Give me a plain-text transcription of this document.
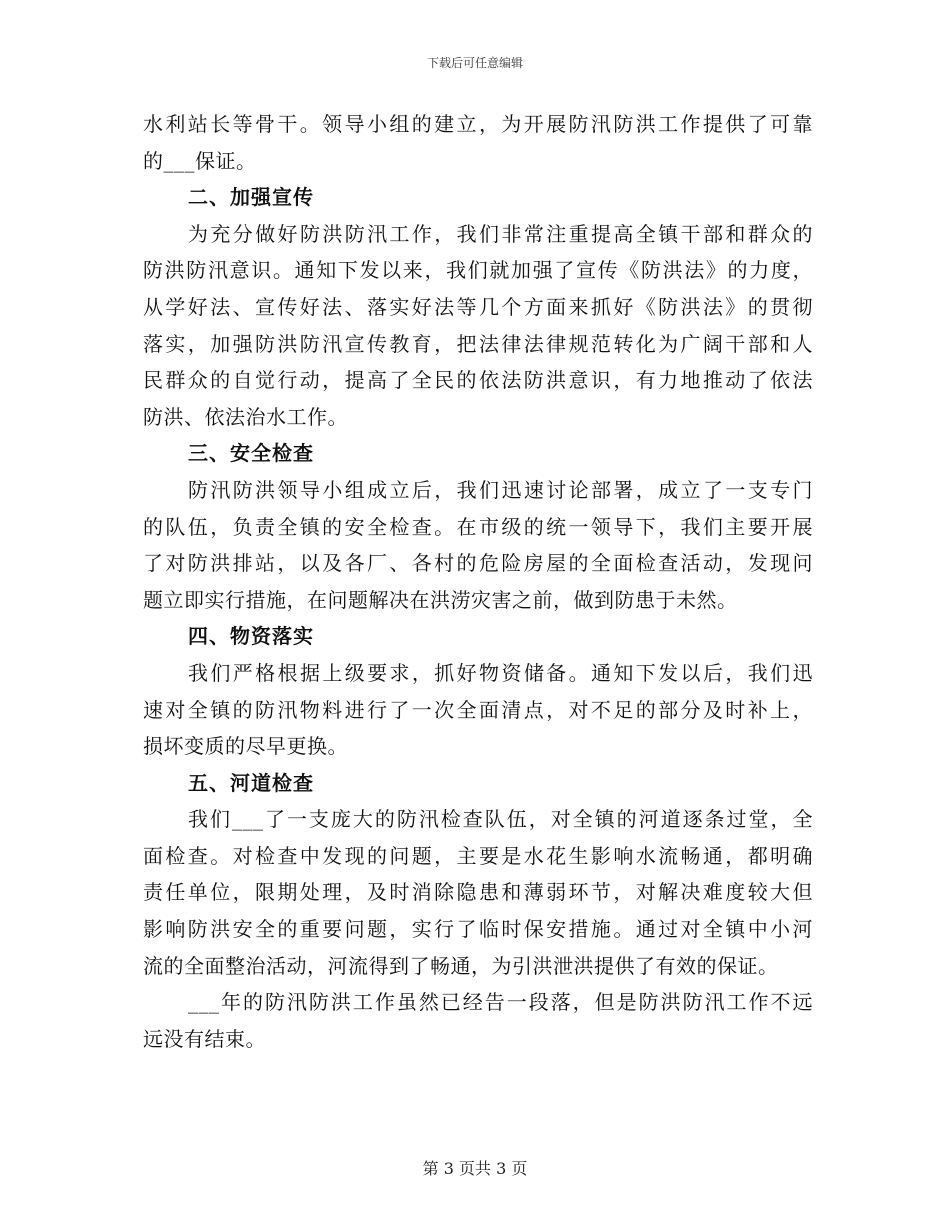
下载后可任意编辑
水利站长等骨干。领导小组的建立，为开展防汛防洪工作提供了可靠
的___保证。
二、加强宣传
为充分做好防洪防汛工作，我们非常注重提高全镇干部和群众的
防洪防汛意识。通知下发以来，我们就加强了宣传《防洪法》的力度，
从学好法、宣传好法、落实好法等几个方面来抓好《防洪法》的贯彻
落实，加强防洪防汛宣传教育，把法律法律规范转化为广阔干部和人
民群众的自觉行动，提高了全民的依法防洪意识，有力地推动了依法
防洪、依法治水工作。
三、安全检查
防汛防洪领导小组成立后，我们迅速讨论部署，成立了一支专门
的队伍，负责全镇的安全检查。在市级的统一领导下，我们主要开展
了对防洪排站，以及各厂、各村的危险房屋的全面检查活动，发现问
题立即实行措施，在问题解决在洪涝灾害之前，做到防患于未然。
四、物资落实
我们严格根据上级要求，抓好物资储备。通知下发以后，我们迅
速对全镇的防汛物料进行了一次全面清点，对不足的部分及时补上，
损坏变质的尽早更换。
五、河道检查
我们___了一支庞大的防汛检查队伍，对全镇的河道逐条过堂，全
面检查。对检查中发现的问题，主要是水花生影响水流畅通，都明确
责任单位，限期处理，及时消除隐患和薄弱环节，对解决难度较大但
影响防洪安全的重要问题，实行了临时保安措施。通过对全镇中小河
流的全面整治活动，河流得到了畅通，为引洪泄洪提供了有效的保证。
___年的防汛防洪工作虽然已经告一段落，但是防洪防汛工作不远
远没有结束。
第 3 页共 3 页
